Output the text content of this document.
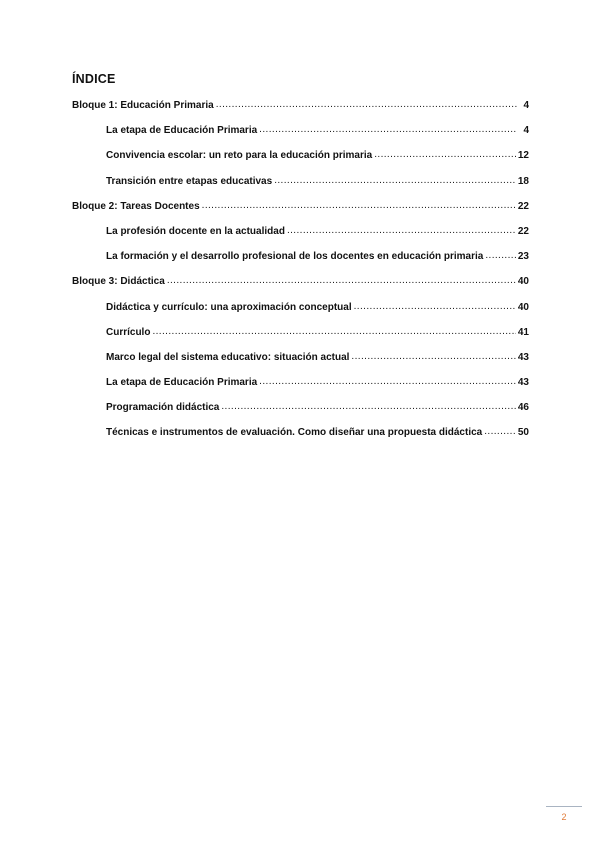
ÍNDICE
Bloque 1: Educación Primaria .....	4
La etapa de Educación Primaria .....	4
Convivencia escolar: un reto para la educación primaria .....	12
Transición entre etapas educativas .....	18
Bloque 2: Tareas Docentes .....	22
La profesión docente en la actualidad .....	22
La formación y el desarrollo profesional de los docentes en educación primaria .....	23
Bloque 3: Didáctica .....	40
Didáctica y currículo: una aproximación conceptual .....	40
Currículo .....	41
Marco legal del sistema educativo: situación actual .....	43
La etapa de Educación Primaria .....	43
Programación didáctica .....	46
Técnicas e instrumentos de evaluación. Como diseñar una propuesta didáctica .....	50
2
